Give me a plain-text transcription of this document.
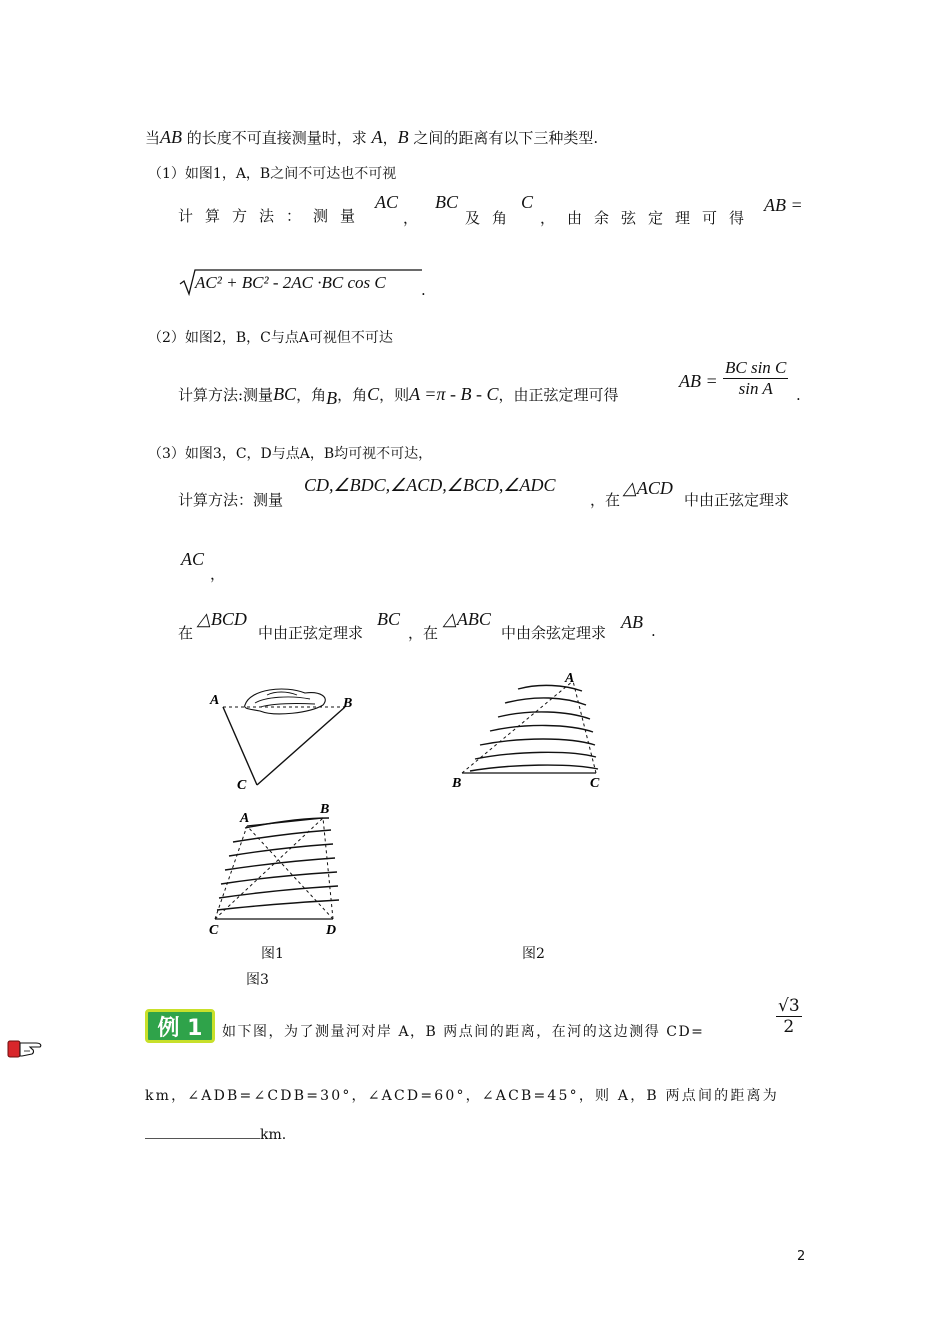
当AB 的长度不可直接测量时，求 A，B 之间的距离有以下三种类型.
（1）如图1，A，B之间不可达也不可视
计算方法：测量
AC
，
BC
及角
C
， 由余弦定理可得
AB =
AC² + BC² - 2AC ·BC cos C .
（2）如图2，B，C与点A可视但不可达
计算方法:测量BC，角B，角C，则A =π - B - C，由正弦定理可得
AB = $\frac{\text{BC sin C}}{\text{sin A}}$ .
（3）如图3，C，D与点A，B均可视不可达，
计算方法：测量
CD,∠BDC,∠ACD,∠BCD,∠ADC
，在
△ACD
中由正弦定理求
AC
，
在
△BCD
中由正弦定理求
BC
，在
△ABC
中由余弦定理求
AB .
A	B
C
A
B	C
A
B
C	D
图1	图2
图3
例 1	如下图，为了测量河对岸 A，B 两点间的距离，在河的这边测得 CD=	$\frac{√3}{2}$
km，∠ADB=∠CDB=30°，∠ACD=60°，∠ACB=45°，则 A，B 两点间的距离为
km.
2
